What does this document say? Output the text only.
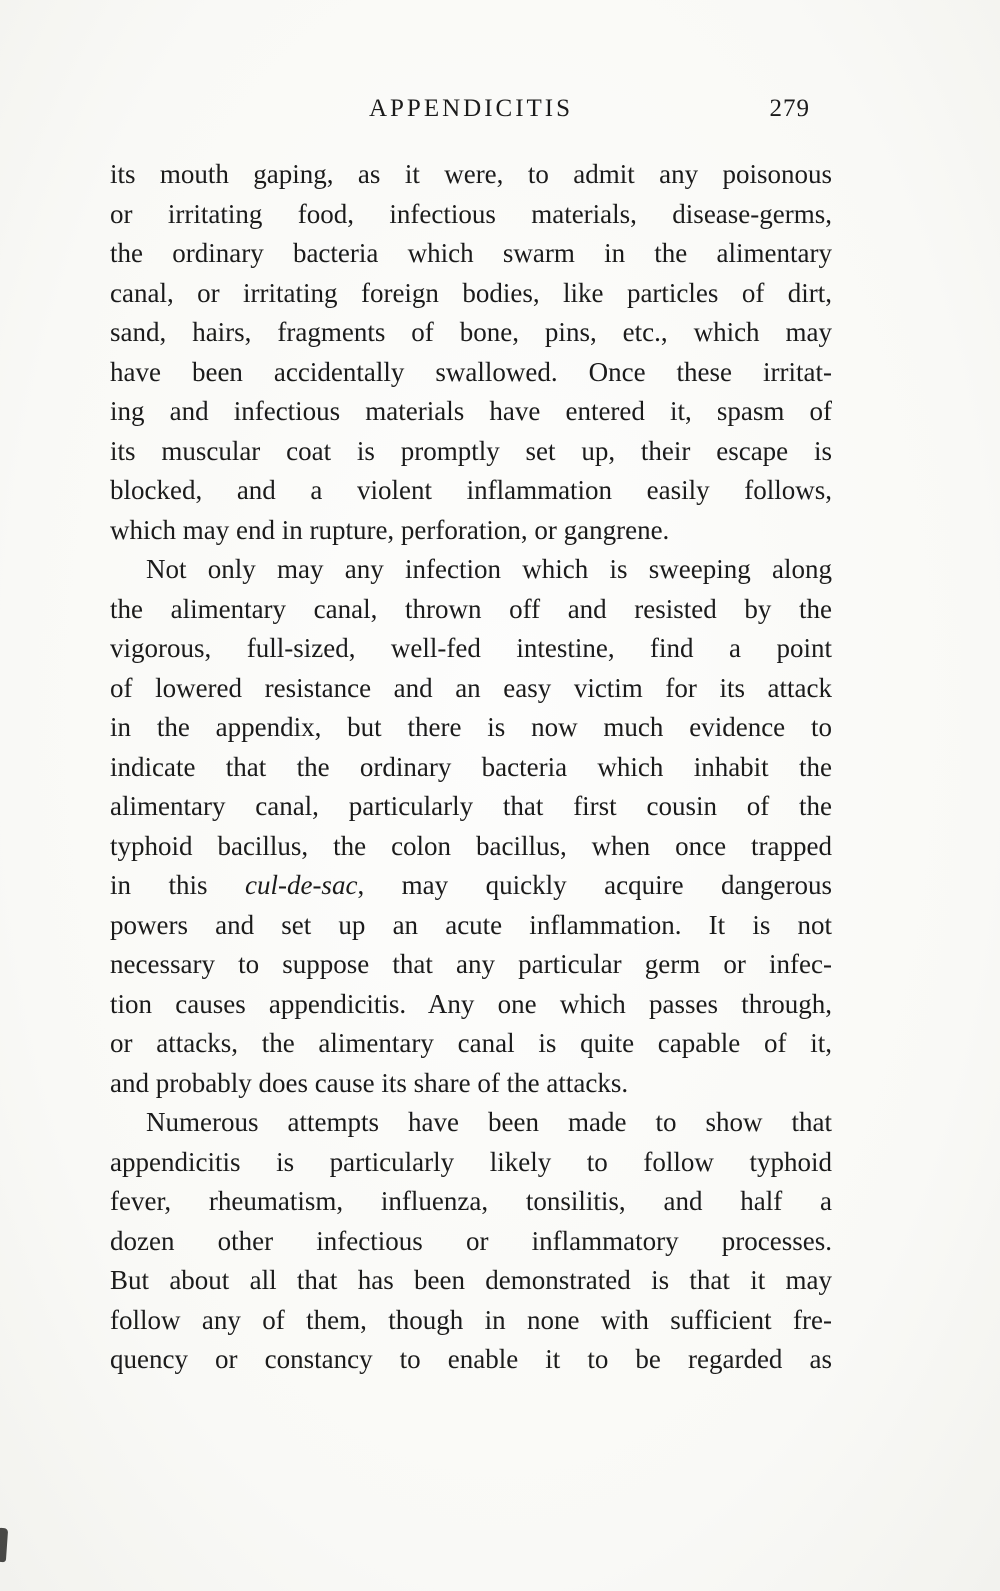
APPENDICITIS	279
its mouth gaping, as it were, to admit any poisonous
or irritating food, infectious materials, disease-germs,
the ordinary bacteria which swarm in the alimentary
canal, or irritating foreign bodies, like particles of dirt,
sand, hairs, fragments of bone, pins, etc., which may
have been accidentally swallowed. Once these irritat-
ing and infectious materials have entered it, spasm of
its muscular coat is promptly set up, their escape is
blocked, and a violent inflammation easily follows,
which may end in rupture, perforation, or gangrene.
Not only may any infection which is sweeping along
the alimentary canal, thrown off and resisted by the
vigorous, full-sized, well-fed intestine, find a point
of lowered resistance and an easy victim for its attack
in the appendix, but there is now much evidence to
indicate that the ordinary bacteria which inhabit the
alimentary canal, particularly that first cousin of the
typhoid bacillus, the colon bacillus, when once trapped
in this cul-de-sac, may quickly acquire dangerous
powers and set up an acute inflammation. It is not
necessary to suppose that any particular germ or infec-
tion causes appendicitis. Any one which passes through,
or attacks, the alimentary canal is quite capable of it,
and probably does cause its share of the attacks.
Numerous attempts have been made to show that
appendicitis is particularly likely to follow typhoid
fever, rheumatism, influenza, tonsilitis, and half a
dozen other infectious or inflammatory processes.
But about all that has been demonstrated is that it may
follow any of them, though in none with sufficient fre-
quency or constancy to enable it to be regarded as
